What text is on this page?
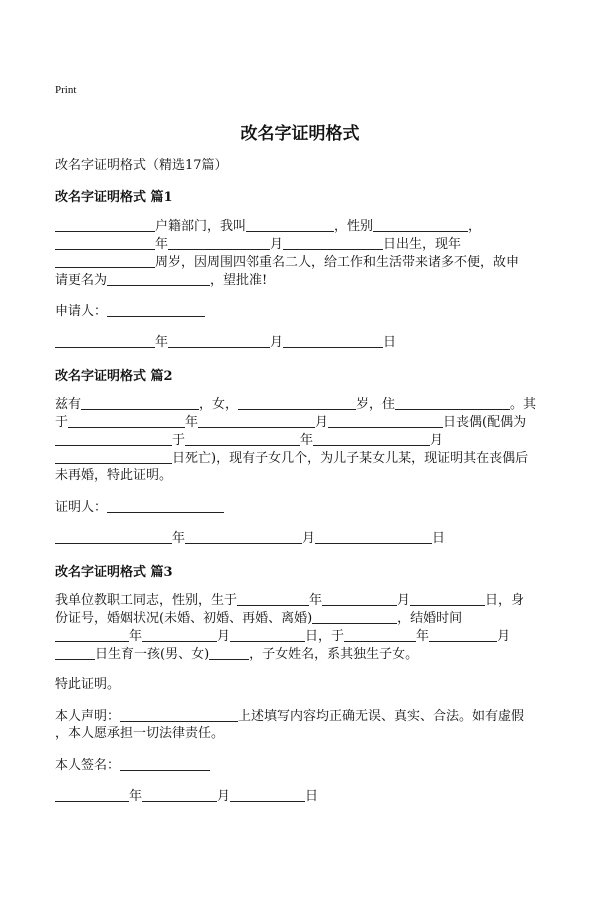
Print
改名字证明格式
改名字证明格式（精选17篇）
改名字证明格式 篇1
户籍部门，我叫	，性别	，
年	月	日出生，现年
周岁，因周围四邻重名二人，给工作和生活带来诸多不便，故申
请更名为	，望批准!
申请人：
年	月	日
改名字证明格式 篇2
兹有	，女，	岁，住	。其
于	年	月	日丧偶(配偶为
于	年	月
日死亡)，现有子女几个，为儿子某女儿某，现证明其在丧偶后
未再婚，特此证明。
证明人：
年	月	日
改名字证明格式 篇3
我单位教职工同志，性别，生于	年	月	日，身
份证号，婚姻状况(未婚、初婚、再婚、离婚)	，结婚时间
年	月	日，于	年	月
日生育一孩(男、女)	，子女姓名，系其独生子女。
特此证明。
本人声明：	上述填写内容均正确无误、真实、合法。如有虚假
，本人愿承担一切法律责任。
本人签名：
年	月	日
